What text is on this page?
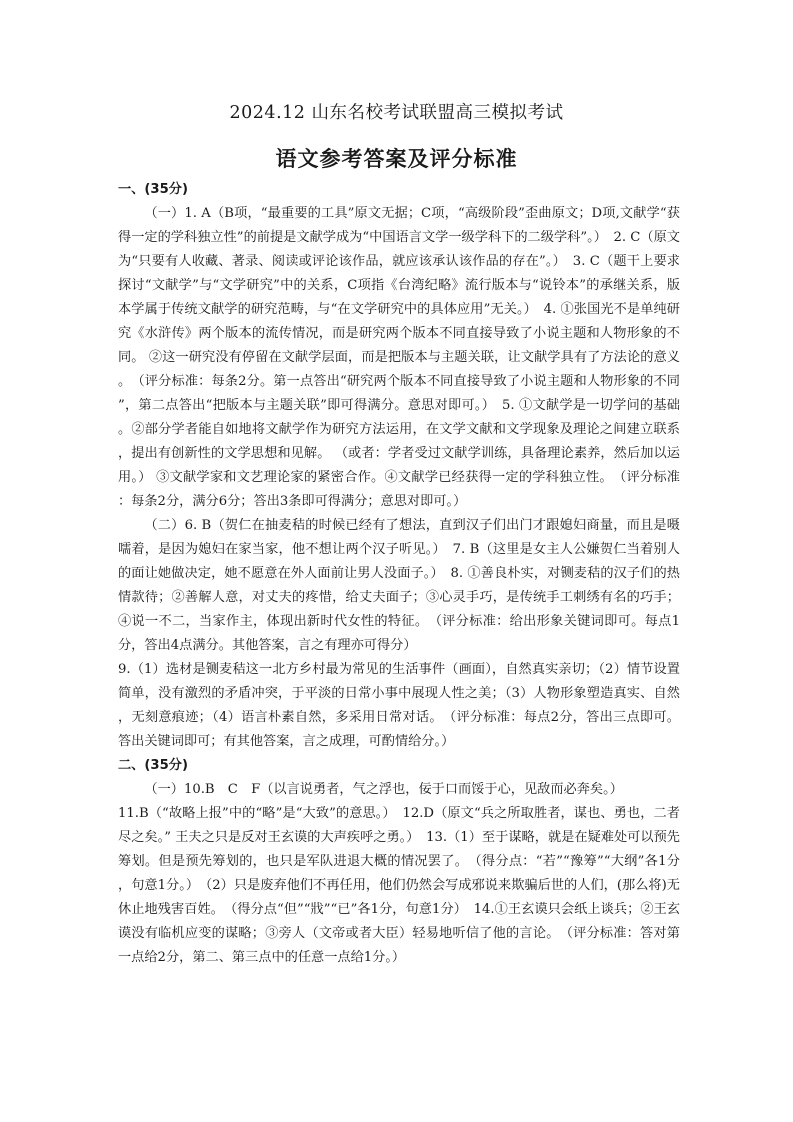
2024.12 山东名校考试联盟高三模拟考试
语文参考答案及评分标准
一、(35分)

（一）1. A（B项，“最重要的工具”原文无据；C项，“高级阶段”歪曲原文；D项,文献学“获得一定的学科独立性”的前提是文献学成为“中国语言文学一级学科下的二级学科”。）　2. C（原文为“只要有人收藏、著录、阅读或评论该作品，就应该承认该作品的存在”。）　3. C（题干上要求探讨“文献学”与“文学研究”中的关系，C项指《台湾纪略》流行版本与“说铃本”的承继关系，版本学属于传统文献学的研究范畴，与“在文学研究中的具体应用”无关。）　4. ①张国光不是单纯研究《水浒传》两个版本的流传情况，而是研究两个版本不同直接导致了小说主题和人物形象的不同。 ②这一研究没有停留在文献学层面，而是把版本与主题关联，让文献学具有了方法论的意义。　（评分标准：每条2分。第一点答出“研究两个版本不同直接导致了小说主题和人物形象的不同”，第二点答出“把版本与主题关联”即可得满分。意思对即可。）　5. ①文献学是一切学问的基础。②部分学者能自如地将文献学作为研究方法运用，在文学文献和文学现象及理论之间建立联系，提出有创新性的文学思想和见解。 （或者：学者受过文献学训练，具备理论素养，然后加以运用。） ③文献学家和文艺理论家的紧密合作。④文献学已经获得一定的学科独立性。　（评分标准：每条2分，满分6分；答出3条即可得满分；意思对即可。）

（二）6. B（贺仁在抽麦秸的时候已经有了想法，直到汉子们出门才跟媳妇商量，而且是嗫嚅着，是因为媳妇在家当家，他不想让两个汉子听见。）　7. B（这里是女主人公嫌贺仁当着别人的面让她做决定，她不愿意在外人面前让男人没面子。）　8. ①善良朴实，对铡麦秸的汉子们的热情款待；②善解人意，对丈夫的疼惜，给丈夫面子；③心灵手巧，是传统手工刺绣有名的巧手；④说一不二，当家作主，体现出新时代女性的特征。　（评分标准：给出形象关键词即可。每点1分，答出4点满分。其他答案，言之有理亦可得分）

9.（1）选材是铡麦秸这一北方乡村最为常见的生活事件（画面），自然真实亲切；（2）情节设置简单，没有激烈的矛盾冲突，于平淡的日常小事中展现人性之美；（3）人物形象塑造真实、自然，无刻意痕迹；（4）语言朴素自然，多采用日常对话。　（评分标准：每点2分，答出三点即可。答出关键词即可；有其他答案，言之成理，可酌情给分。）

二、(35分)

（一）10.B　C　F（以言说勇者，气之浮也，佞于口而馁于心，见敌而必奔矣。）

11.B（“故略上报”中的“略”是“大致”的意思。）　12.D（原文“兵之所取胜者，谋也、勇也，二者尽之矣。” 王夫之只是反对王玄谟的大声疾呼之勇。）　13.（1）至于谋略，就是在疑难处可以预先筹划。但是预先筹划的，也只是军队进退大概的情况罢了。　（得分点：“若”“豫筹”“大纲”各1分，句意1分。）　（2）只是废弃他们不再任用，他们仍然会写成邪说来欺骗后世的人们，(那么将)无休止地残害百姓。　（得分点“但”“戕”“已”各1分，句意1分）　14.①王玄谟只会纸上谈兵；②王玄谟没有临机应变的谋略；③旁人（文帝或者大臣）轻易地听信了他的言论。　（评分标准：答对第一点给2分，第二、第三点中的任意一点给1分。）
